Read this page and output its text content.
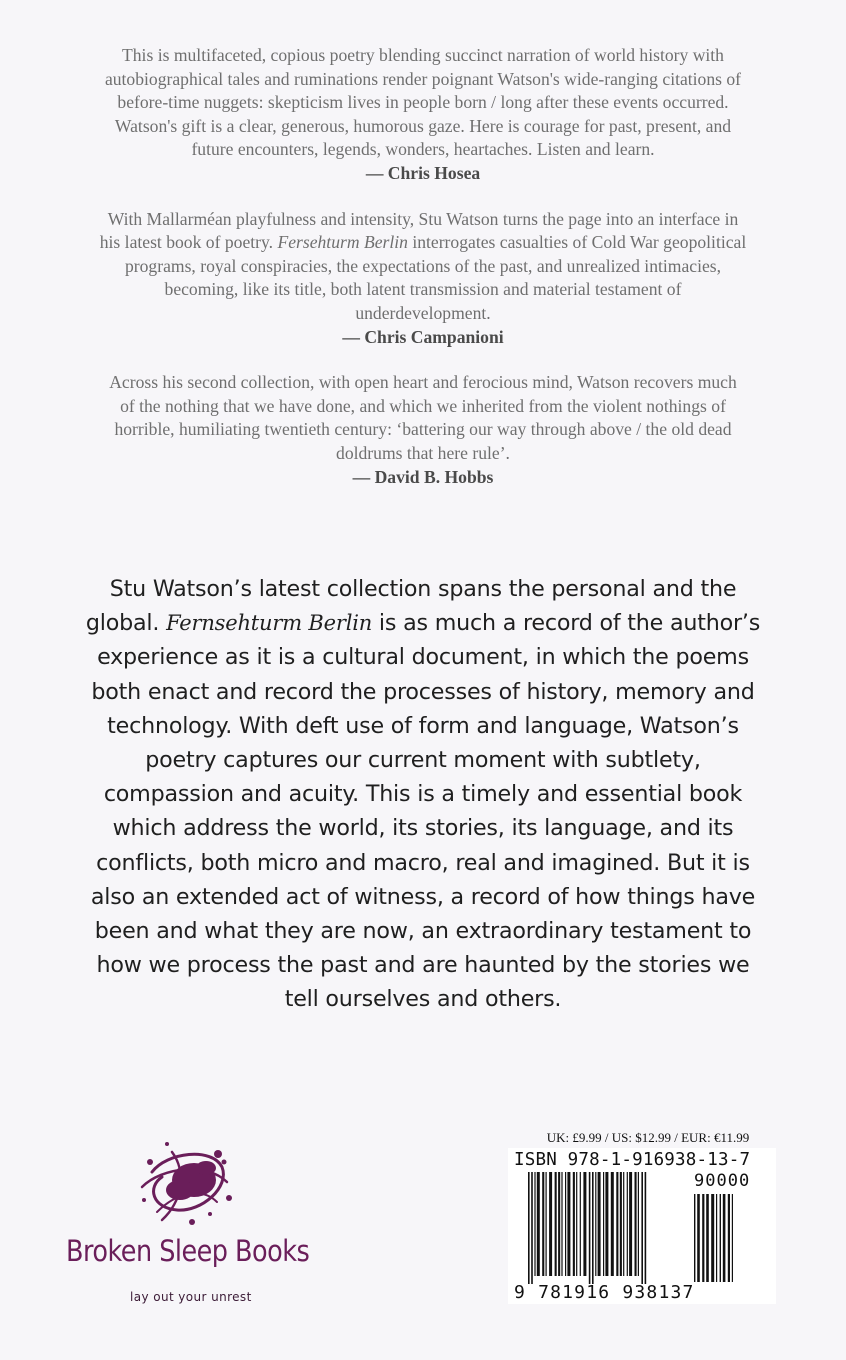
This is multifaceted, copious poetry blending succinct narration of world history with
autobiographical tales and ruminations render poignant Watson's wide-ranging citations of
before-time nuggets: skepticism lives in people born / long after these events occurred.
Watson's gift is a clear, generous, humorous gaze. Here is courage for past, present, and
future encounters, legends, wonders, heartaches. Listen and learn.
— Chris Hosea
With Mallarméan playfulness and intensity, Stu Watson turns the page into an interface in
his latest book of poetry. Fersehturm Berlin interrogates casualties of Cold War geopolitical
programs, royal conspiracies, the expectations of the past, and unrealized intimacies,
becoming, like its title, both latent transmission and material testament of
underdevelopment.
— Chris Campanioni
Across his second collection, with open heart and ferocious mind, Watson recovers much
of the nothing that we have done, and which we inherited from the violent nothings of
horrible, humiliating twentieth century: ‘battering our way through above / the old dead
doldrums that here rule’.
— David B. Hobbs
Stu Watson’s latest collection spans the personal and the
global. Fernsehturm Berlin is as much a record of the author’s
experience as it is a cultural document, in which the poems
both enact and record the processes of history, memory and
technology. With deft use of form and language, Watson’s
poetry captures our current moment with subtlety,
compassion and acuity. This is a timely and essential book
which address the world, its stories, its language, and its
conflicts, both micro and macro, real and imagined. But it is
also an extended act of witness, a record of how things have
been and what they are now, an extraordinary testament to
how we process the past and are haunted by the stories we
tell ourselves and others.
Broken Sleep Books
lay out your unrest
UK: £9.99 / US: $12.99 / EUR: €11.99
ISBN 978-1-916938-13-7
9 781916 938137
90000
